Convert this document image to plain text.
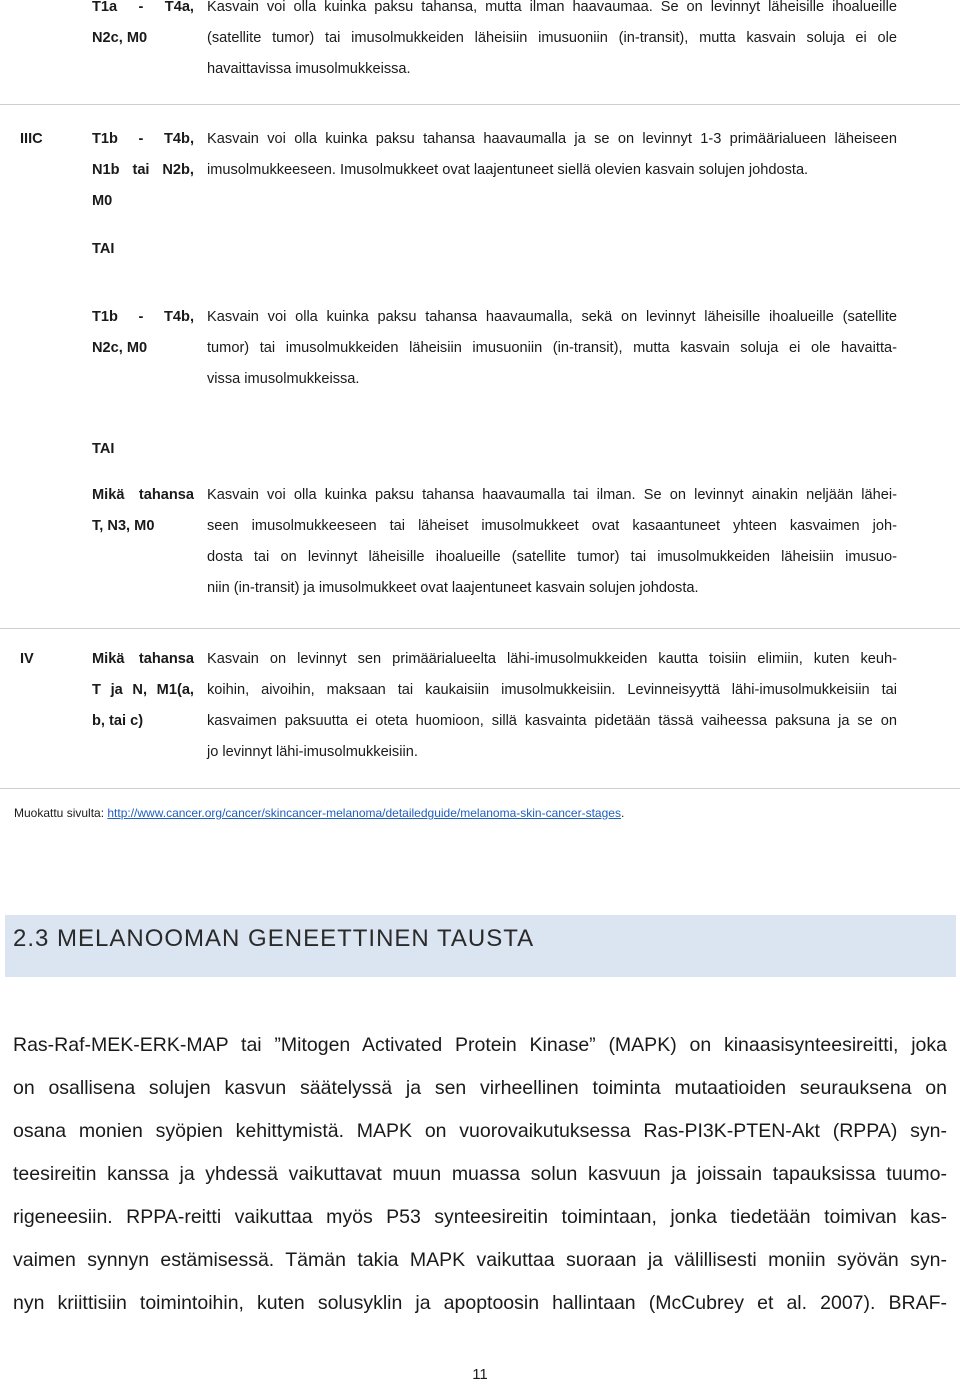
T1a - T4a,
N2c, M0
Kasvain voi olla kuinka paksu tahansa, mutta ilman haavaumaa. Se on levinnyt läheisille ihoalueille
(satellite tumor) tai imusolmukkeiden läheisiin imusuoniin (in-transit), mutta kasvain soluja ei ole
havaittavissa imusolmukkeissa.
IIIC	T1b - T4b,
N1b tai N2b,
M0
Kasvain voi olla kuinka paksu tahansa haavaumalla ja se on levinnyt 1-3 primäärialueen läheiseen
imusolmukkeeseen. Imusolmukkeet ovat laajentuneet siellä olevien kasvain solujen johdosta.
TAI
T1b - T4b,
N2c, M0
Kasvain voi olla kuinka paksu tahansa haavaumalla, sekä on levinnyt läheisille ihoalueille (satellite
tumor) tai imusolmukkeiden läheisiin imusuoniin (in-transit), mutta kasvain soluja ei ole havaitta-
vissa imusolmukkeissa.
TAI
Mikä tahansa
T, N3, M0
Kasvain voi olla kuinka paksu tahansa haavaumalla tai ilman. Se on levinnyt ainakin neljään lähei-
seen imusolmukkeeseen tai läheiset imusolmukkeet ovat kasaantuneet yhteen kasvaimen joh-
dosta tai on levinnyt läheisille ihoalueille (satellite tumor) tai imusolmukkeiden läheisiin imusuo-
niin (in-transit) ja imusolmukkeet ovat laajentuneet kasvain solujen johdosta.
IV	Mikä tahansa
T ja N, M1(a,
b, tai c)
Kasvain on levinnyt sen primäärialueelta lähi-imusolmukkeiden kautta toisiin elimiin, kuten keuh-
koihin, aivoihin, maksaan tai kaukaisiin imusolmukkeisiin. Levinneisyyttä lähi-imusolmukkeisiin tai
kasvaimen paksuutta ei oteta huomioon, sillä kasvainta pidetään tässä vaiheessa paksuna ja se on
jo levinnyt lähi-imusolmukkeisiin.
Muokattu sivulta: http://www.cancer.org/cancer/skincancer-melanoma/detailedguide/melanoma-skin-cancer-stages.
2.3 MELANOOMAN GENEETTINEN TAUSTA
Ras-Raf-MEK-ERK-MAP tai ”Mitogen Activated Protein Kinase” (MAPK) on kinaasisynteesireitti, joka
on osallisena solujen kasvun säätelyssä ja sen virheellinen toiminta mutaatioiden seurauksena on
osana monien syöpien kehittymistä. MAPK on vuorovaikutuksessa Ras-PI3K-PTEN-Akt (RPPA) syn-
teesireitin kanssa ja yhdessä vaikuttavat muun muassa solun kasvuun ja joissain tapauksissa tuumo-
rigeneesiin. RPPA-reitti vaikuttaa myös P53 synteesireitin toimintaan, jonka tiedetään toimivan kas-
vaimen synnyn estämisessä. Tämän takia MAPK vaikuttaa suoraan ja välillisesti moniin syövän syn-
nyn kriittisiin toimintoihin, kuten solusyklin ja apoptoosin hallintaan (McCubrey et al. 2007). BRAF-
11
